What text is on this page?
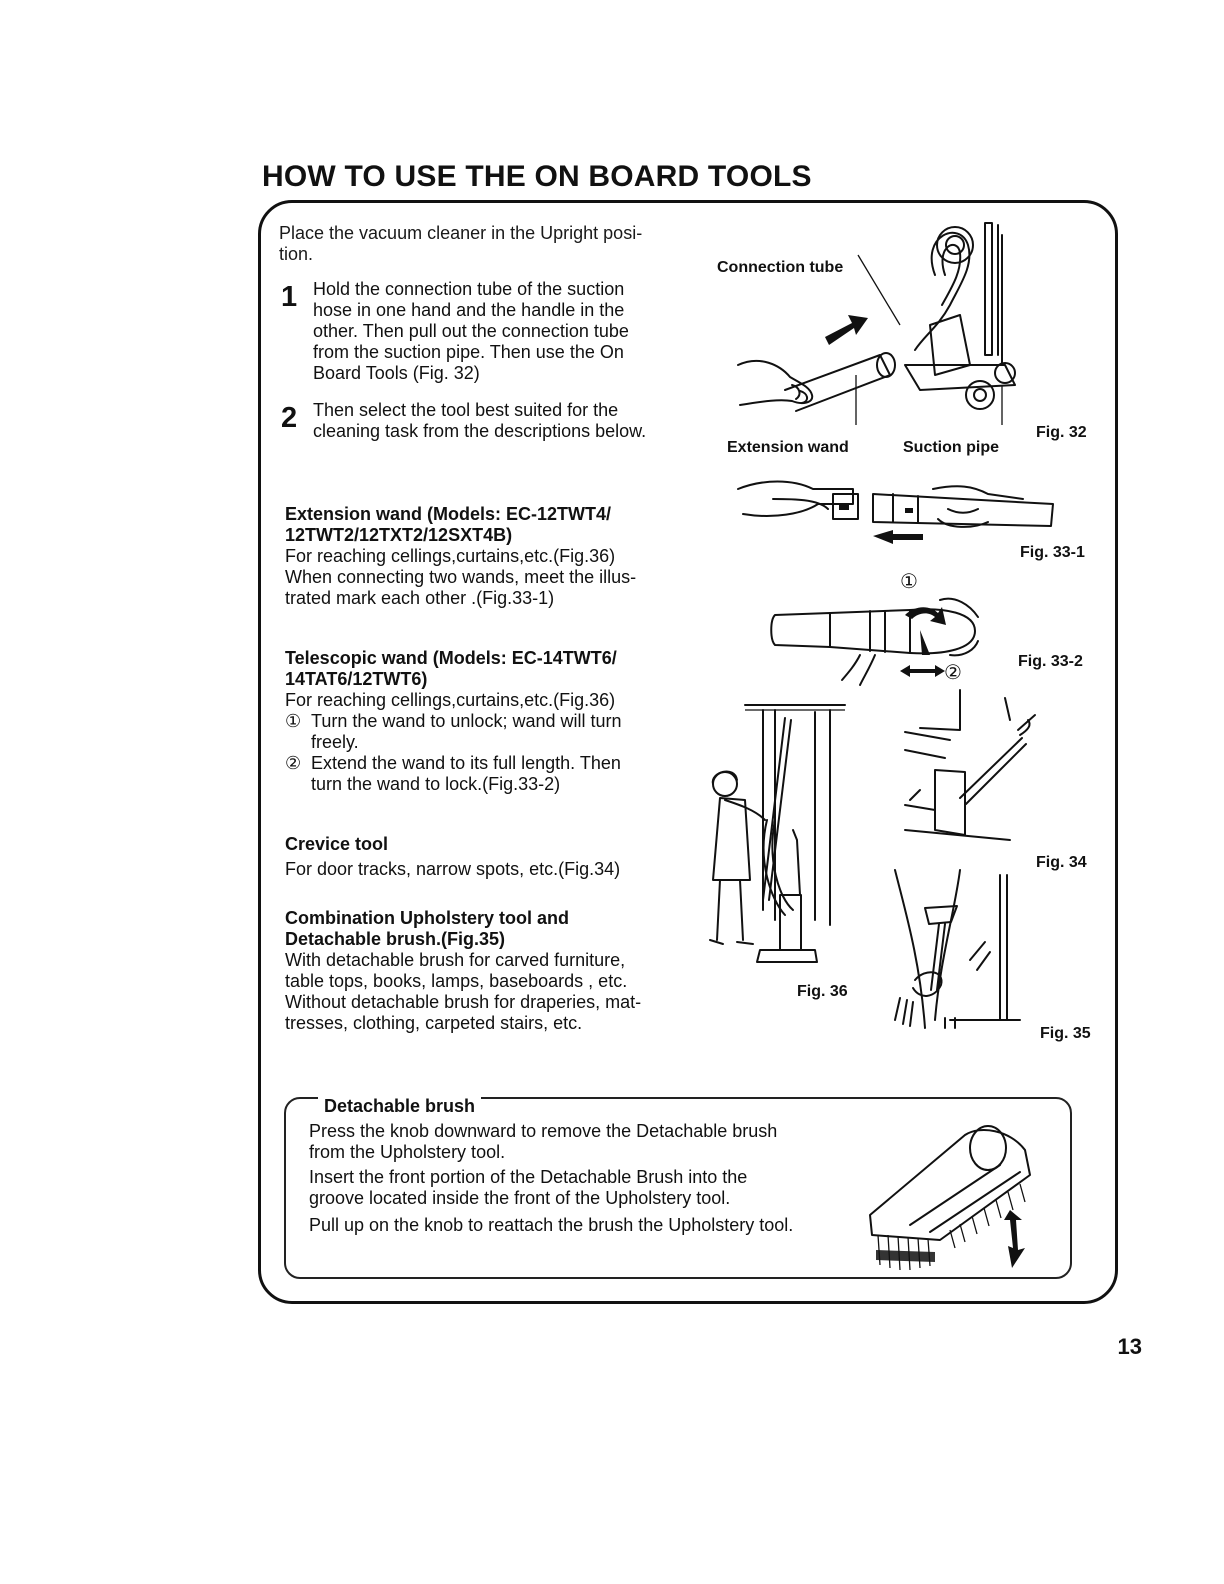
HOW TO USE THE ON BOARD TOOLS
Place the vacuum cleaner in the Upright posi-
tion.
1 Hold the connection tube of the suction
hose in one hand and the handle in the
other. Then pull out the connection tube
from the suction pipe. Then use the On
Board Tools (Fig. 32)
2 Then select the tool best suited for the
cleaning task from the descriptions below.
Extension wand (Models: EC-12TWT4/
12TWT2/12TXT2/12SXT4B)
For reaching cellings,curtains,etc.(Fig.36)
When connecting two wands, meet the illus-
trated mark each other .(Fig.33-1)
Telescopic wand (Models: EC-14TWT6/
14TAT6/12TWT6)
For reaching cellings,curtains,etc.(Fig.36)
① Turn the wand to unlock; wand will turn
freely.
② Extend the wand to its full length. Then
turn the wand to lock.(Fig.33-2)
Crevice tool
For door tracks, narrow spots, etc.(Fig.34)
Combination Upholstery tool and
Detachable brush.(Fig.35)
With detachable brush for carved furniture,
table tops, books, lamps, baseboards , etc.
Without detachable brush for draperies, mat-
tresses, clothing, carpeted stairs, etc.
Connection tube
Extension wand	Suction pipe
Fig. 32
Fig. 33-1
①
②
Fig. 33-2
Fig. 36
Fig. 34
Fig. 35
Detachable brush
Press the knob downward to remove the Detachable brush
from the Upholstery tool.
Insert the front portion of the Detachable Brush into the
groove located inside the front of the Upholstery tool.
Pull up on the knob to reattach the brush the Upholstery tool.
13
